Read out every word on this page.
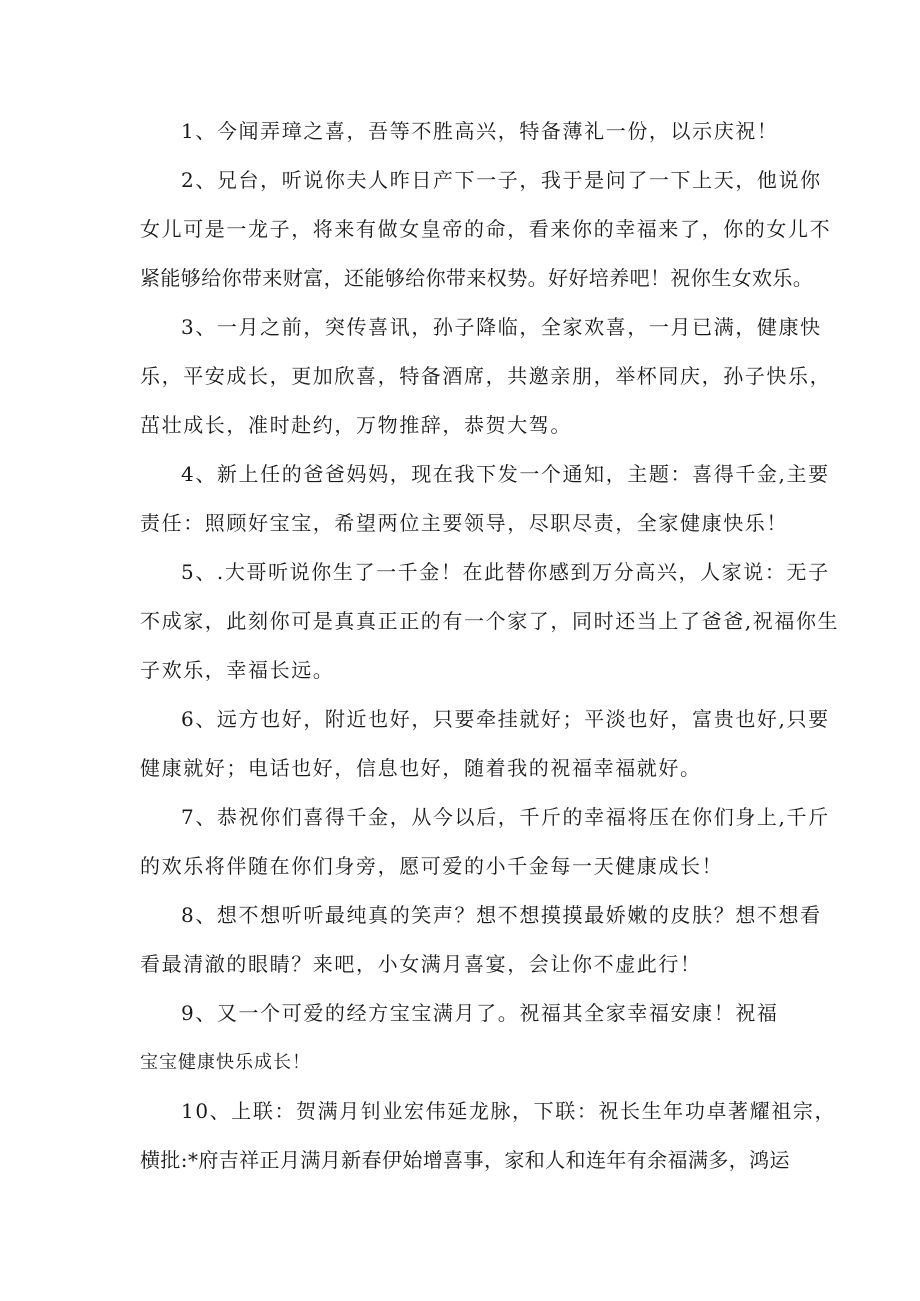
1、今闻弄璋之喜，吾等不胜高兴，特备薄礼一份，以示庆祝！
2、兄台，听说你夫人昨日产下一子，我于是问了一下上天，他说你
女儿可是一龙子，将来有做女皇帝的命，看来你的幸福来了，你的女儿不
紧能够给你带来财富，还能够给你带来权势。好好培养吧！祝你生女欢乐。
3、一月之前，突传喜讯，孙子降临，全家欢喜，一月已满，健康快
乐，平安成长，更加欣喜，特备酒席，共邀亲朋，举杯同庆，孙子快乐，
茁壮成长，准时赴约，万物推辞，恭贺大驾。
4、新上任的爸爸妈妈，现在我下发一个通知，主题：喜得千金,主要
责任：照顾好宝宝，希望两位主要领导，尽职尽责，全家健康快乐！
5、.大哥听说你生了一千金！在此替你感到万分高兴，人家说：无子
不成家，此刻你可是真真正正的有一个家了，同时还当上了爸爸,祝福你生
子欢乐，幸福长远。
6、远方也好，附近也好，只要牵挂就好；平淡也好，富贵也好,只要
健康就好；电话也好，信息也好，随着我的祝福幸福就好。
7、恭祝你们喜得千金，从今以后，千斤的幸福将压在你们身上,千斤
的欢乐将伴随在你们身旁，愿可爱的小千金每一天健康成长！
8、想不想听听最纯真的笑声？想不想摸摸最娇嫩的皮肤？想不想看
看最清澈的眼睛？来吧，小女满月喜宴，会让你不虚此行！
9、又一个可爱的经方宝宝满月了。祝福其全家幸福安康！祝福
宝宝健康快乐成长！
10、上联：贺满月钊业宏伟延龙脉，下联：祝长生年功卓著耀祖宗，
横批:*府吉祥正月满月新春伊始增喜事，家和人和连年有余福满多，鸿运
